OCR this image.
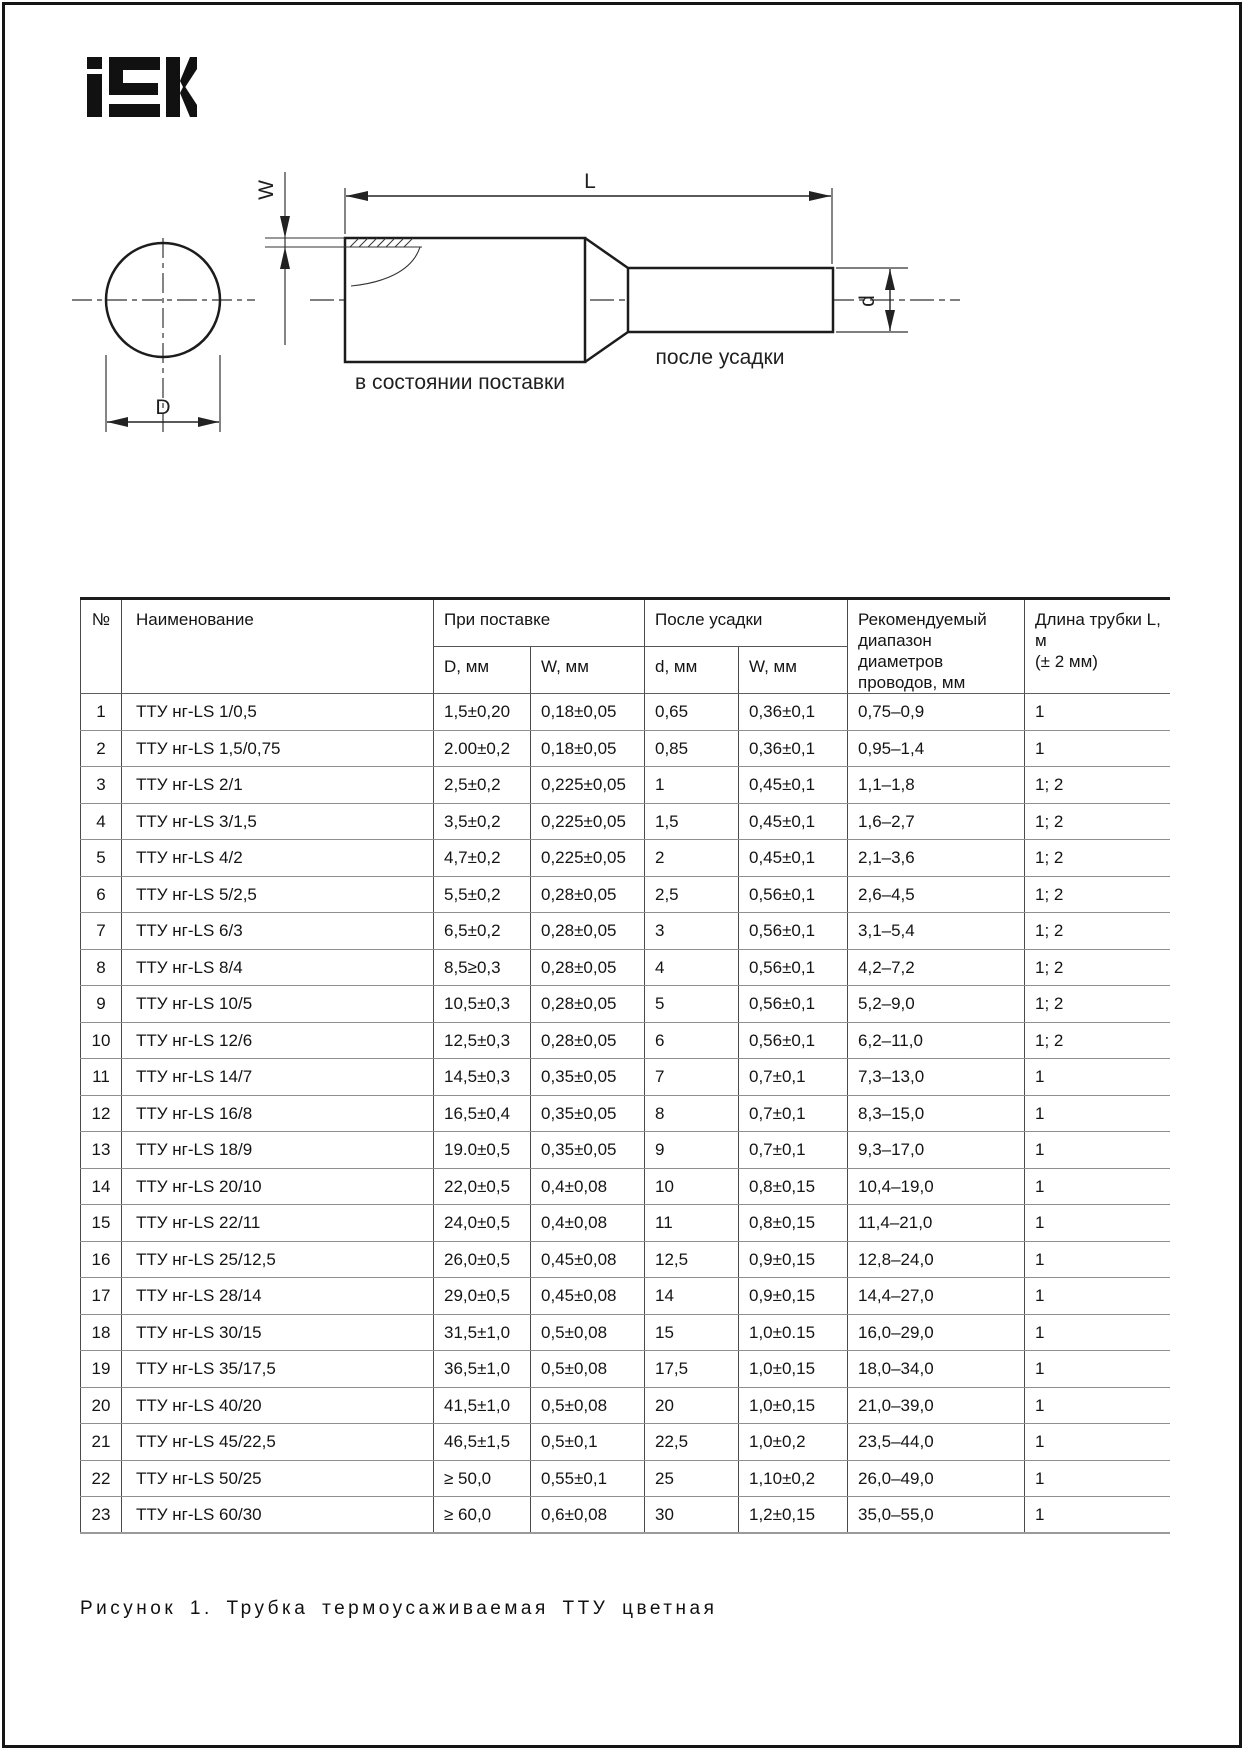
D
W	L
d
в состоянии поставки
после усадки
№	Наименование	При поставке		После усадки		Рекомендуемый диапазон диаметров проводов, мм	Длина трубки L, м
(± 2 мм)

		D, мм	W, мм	d, мм	W, мм		
1	ТТУ нг-LS 1/0,5	1,5±0,20	0,18±0,05	0,65	0,36±0,1	0,75–0,9	1
2	ТТУ нг-LS 1,5/0,75	2.00±0,2	0,18±0,05	0,85	0,36±0,1	0,95–1,4	1
3	ТТУ нг-LS 2/1	2,5±0,2	0,225±0,05	1	0,45±0,1	1,1–1,8	1; 2
4	ТТУ нг-LS 3/1,5	3,5±0,2	0,225±0,05	1,5	0,45±0,1	1,6–2,7	1; 2
5	ТТУ нг-LS 4/2	4,7±0,2	0,225±0,05	2	0,45±0,1	2,1–3,6	1; 2
6	ТТУ нг-LS 5/2,5	5,5±0,2	0,28±0,05	2,5	0,56±0,1	2,6–4,5	1; 2
7	ТТУ нг-LS 6/3	6,5±0,2	0,28±0,05	3	0,56±0,1	3,1–5,4	1; 2
8	ТТУ нг-LS 8/4	8,5≥0,3	0,28±0,05	4	0,56±0,1	4,2–7,2	1; 2
9	ТТУ нг-LS 10/5	10,5±0,3	0,28±0,05	5	0,56±0,1	5,2–9,0	1; 2
10	ТТУ нг-LS 12/6	12,5±0,3	0,28±0,05	6	0,56±0,1	6,2–11,0	1; 2
11	ТТУ нг-LS 14/7	14,5±0,3	0,35±0,05	7	0,7±0,1	7,3–13,0	1
12	ТТУ нг-LS 16/8	16,5±0,4	0,35±0,05	8	0,7±0,1	8,3–15,0	1
13	ТТУ нг-LS 18/9	19.0±0,5	0,35±0,05	9	0,7±0,1	9,3–17,0	1
14	ТТУ нг-LS 20/10	22,0±0,5	0,4±0,08	10	0,8±0,15	10,4–19,0	1
15	ТТУ нг-LS 22/11	24,0±0,5	0,4±0,08	11	0,8±0,15	11,4–21,0	1
16	ТТУ нг-LS 25/12,5	26,0±0,5	0,45±0,08	12,5	0,9±0,15	12,8–24,0	1
17	ТТУ нг-LS 28/14	29,0±0,5	0,45±0,08	14	0,9±0,15	14,4–27,0	1
18	ТТУ нг-LS 30/15	31,5±1,0	0,5±0,08	15	1,0±0.15	16,0–29,0	1
19	ТТУ нг-LS 35/17,5	36,5±1,0	0,5±0,08	17,5	1,0±0,15	18,0–34,0	1
20	ТТУ нг-LS 40/20	41,5±1,0	0,5±0,08	20	1,0±0,15	21,0–39,0	1
21	ТТУ нг-LS 45/22,5	46,5±1,5	0,5±0,1	22,5	1,0±0,2	23,5–44,0	1
22	ТТУ нг-LS 50/25	≥ 50,0	0,55±0,1	25	1,10±0,2	26,0–49,0	1
23	ТТУ нг-LS 60/30	≥ 60,0	0,6±0,08	30	1,2±0,15	35,0–55,0	1
Рисунок 1. Трубка термоусаживаемая ТТУ цветная
